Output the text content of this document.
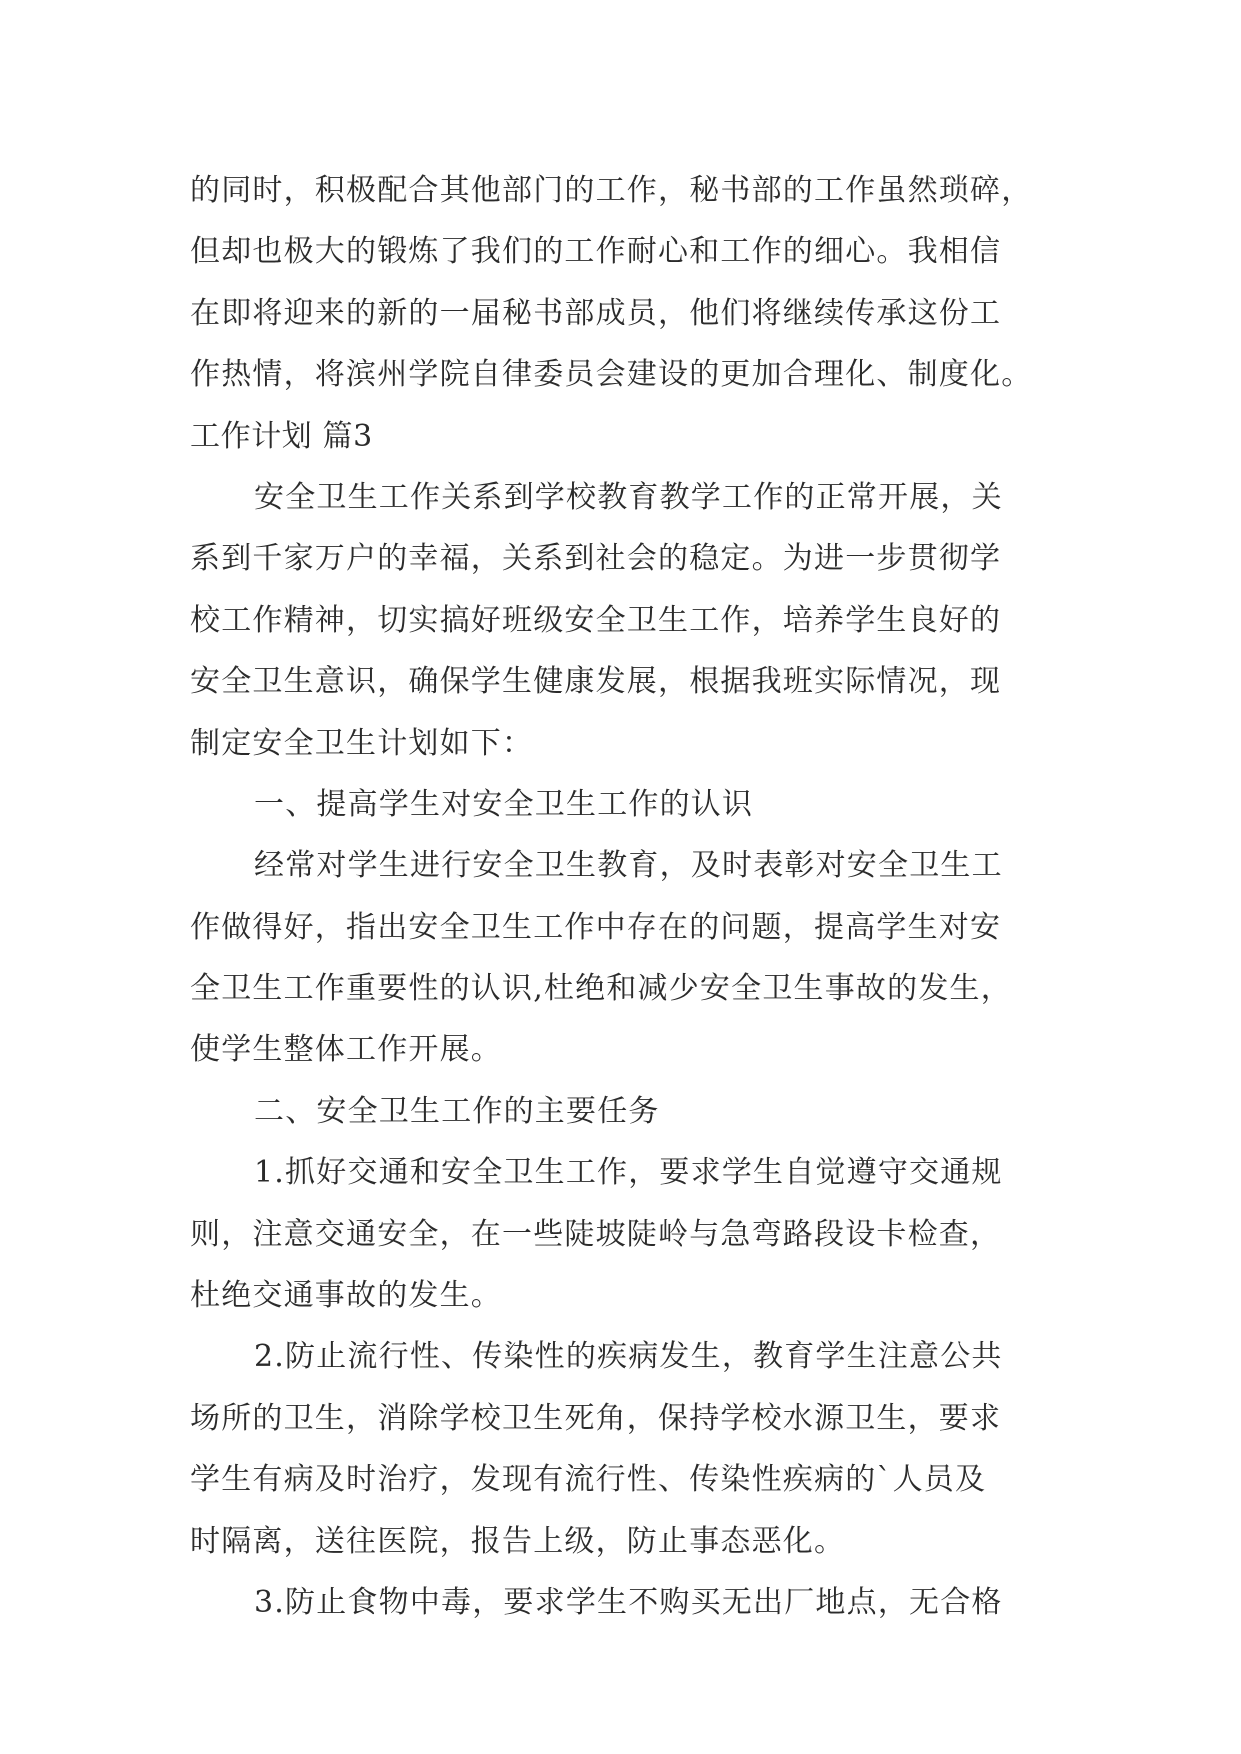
的同时，积极配合其他部门的工作，秘书部的工作虽然琐碎，
但却也极大的锻炼了我们的工作耐心和工作的细心。我相信
在即将迎来的新的一届秘书部成员，他们将继续传承这份工
作热情，将滨州学院自律委员会建设的更加合理化、制度化。
工作计划 篇3
安全卫生工作关系到学校教育教学工作的正常开展，关
系到千家万户的幸福，关系到社会的稳定。为进一步贯彻学
校工作精神，切实搞好班级安全卫生工作，培养学生良好的
安全卫生意识，确保学生健康发展，根据我班实际情况，现
制定安全卫生计划如下：
一、提高学生对安全卫生工作的认识
经常对学生进行安全卫生教育，及时表彰对安全卫生工
作做得好，指出安全卫生工作中存在的问题，提高学生对安
全卫生工作重要性的认识,杜绝和减少安全卫生事故的发生，
使学生整体工作开展。
二、安全卫生工作的主要任务
1.抓好交通和安全卫生工作，要求学生自觉遵守交通规
则，注意交通安全，在一些陡坡陡岭与急弯路段设卡检查，
杜绝交通事故的发生。
2.防止流行性、传染性的疾病发生，教育学生注意公共
场所的卫生，消除学校卫生死角，保持学校水源卫生，要求
学生有病及时治疗，发现有流行性、传染性疾病的`人员及
时隔离，送往医院，报告上级，防止事态恶化。
3.防止食物中毒，要求学生不购买无出厂地点，无合格
